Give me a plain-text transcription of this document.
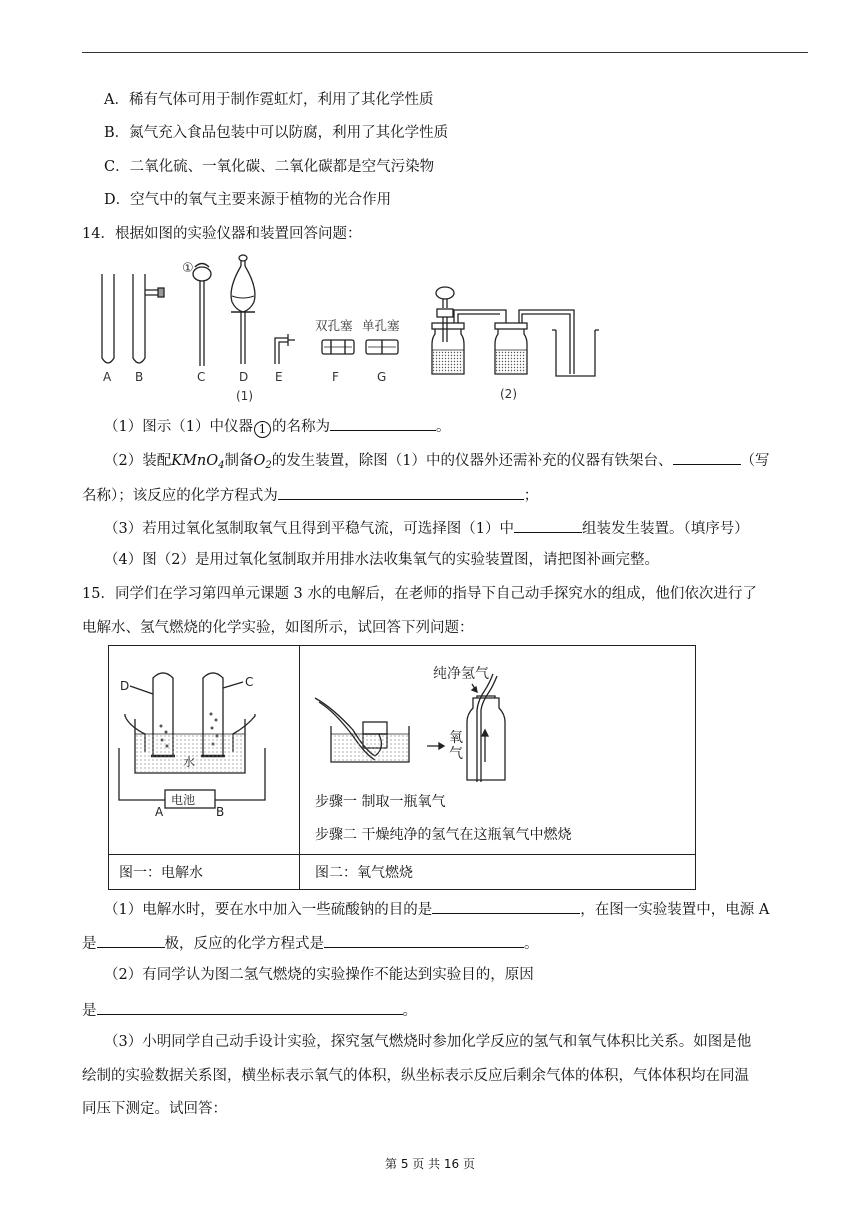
A．稀有气体可用于制作霓虹灯，利用了其化学性质
B．氮气充入食品包装中可以防腐，利用了其化学性质
C．二氧化硫、一氧化碳、二氧化碳都是空气污染物
D．空气中的氧气主要来源于植物的光合作用
14．根据如图的实验仪器和装置回答问题：
A B	C	D E	F	G
(1)	(2)
①
双孔塞 单孔塞
（1）图示（1）中仪器 1 的名称为	。
（2）装配KMnO$_4$制备$O_2$的发生装置，除图（1）中的仪器外还需补充的仪器有铁架台、	（写
名称）；该反应的化学方程式为	；
（3）若用过氧化氢制取氧气且得到平稳气流，可选择图（1）中	组装发生装置。（填序号）
（4）图（2）是用过氧化氢制取并用排水法收集氧气的实验装置图，请把图补画完整。
15．同学们在学习第四单元课题 3 水的电解后，在老师的指导下自己动手探究水的组成，他们依次进行了
电解水、氢气燃烧的化学实验，如图所示，试回答下列问题：
D	C
水
电池
A	B
纯净氢气
氧
气
步骤一 制取一瓶氧气
步骤二 干燥纯净的氢气在这瓶氧气中燃烧
图一：电解水	图二：氧气燃烧
（1）电解水时，要在水中加入一些硫酸钠的目的是	，在图一实验装置中，电源 A
是	极，反应的化学方程式是	。
（2）有同学认为图二氢气燃烧的实验操作不能达到实验目的，原因
是	。
（3）小明同学自己动手设计实验，探究氢气燃烧时参加化学反应的氢气和氧气体积比关系。如图是他
绘制的实验数据关系图，横坐标表示氧气的体积，纵坐标表示反应后剩余气体的体积，气体体积均在同温
同压下测定。试回答：
第 5 页 共 16 页
